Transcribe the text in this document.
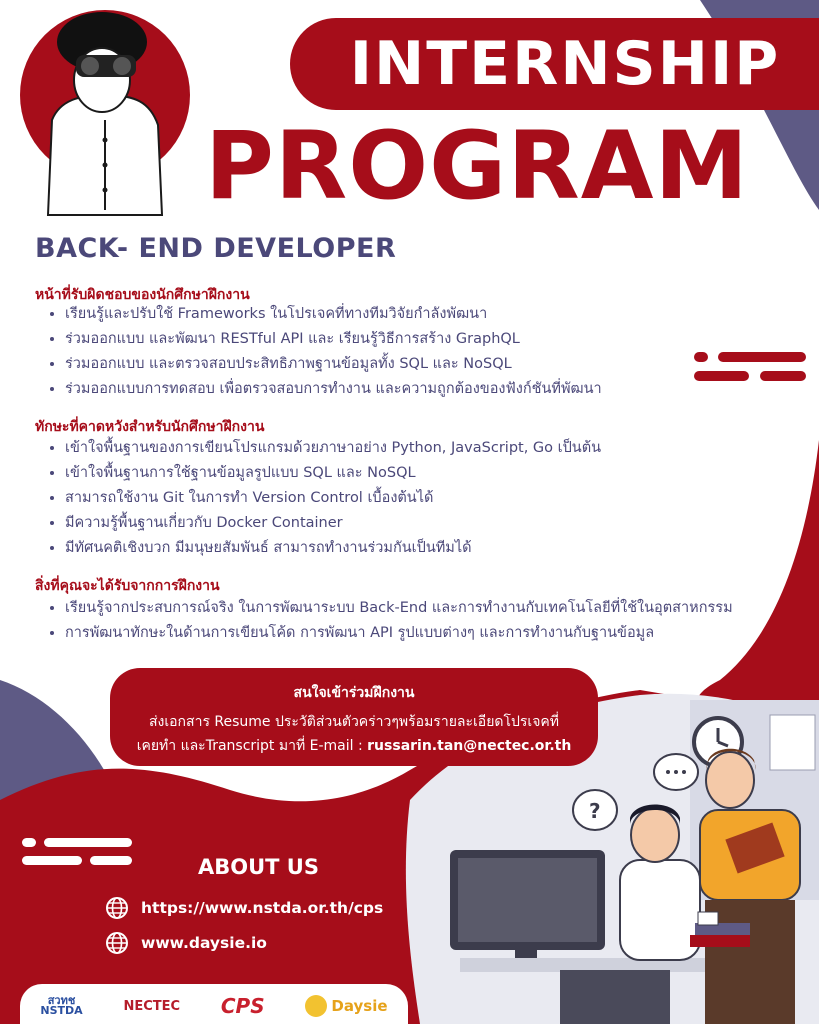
?
INTERNSHIP
PROGRAM
BACK- END DEVELOPER
หน้าที่รับผิดชอบของนักศึกษาฝึกงาน
• เรียนรู้และปรับใช้ Frameworks ในโปรเจคที่ทางทีมวิจัยกำลังพัฒนา
• ร่วมออกแบบ และพัฒนา RESTful API และ เรียนรู้วิธีการสร้าง GraphQL
• ร่วมออกแบบ และตรวจสอบประสิทธิภาพฐานข้อมูลทั้ง SQL และ NoSQL
• ร่วมออกแบบการทดสอบ เพื่อตรวจสอบการทำงาน และความถูกต้องของฟังก์ชันที่พัฒนา
ทักษะที่คาดหวังสำหรับนักศึกษาฝึกงาน
• เข้าใจพื้นฐานของการเขียนโปรแกรมด้วยภาษาอย่าง Python, JavaScript, Go เป็นต้น
• เข้าใจพื้นฐานการใช้ฐานข้อมูลรูปแบบ SQL และ NoSQL
• สามารถใช้งาน Git ในการทำ Version Control เบื้องต้นได้
• มีความรู้พื้นฐานเกี่ยวกับ Docker Container
• มีทัศนคติเชิงบวก มีมนุษยสัมพันธ์ สามารถทำงานร่วมกันเป็นทีมได้
สิ่งที่คุณจะได้รับจากการฝึกงาน
• เรียนรู้จากประสบการณ์จริง ในการพัฒนาระบบ Back-End และการทำงานกับเทคโนโลยีที่ใช้ในอุตสาหกรรม
• การพัฒนาทักษะในด้านการเขียนโค้ด การพัฒนา API รูปแบบต่างๆ และการทำงานกับฐานข้อมูล
สนใจเข้าร่วมฝึกงาน
ส่งเอกสาร Resume ประวัติส่วนตัวคร่าวๆพร้อมรายละเอียดโปรเจคที่
เคยทำ และTranscript มาที่ E-mail : russarin.tan@nectec.or.th
ABOUT US
https://www.nstda.or.th/cps
www.daysie.io
สวทช
NSTDA	NECTEC CPS	Daysie
